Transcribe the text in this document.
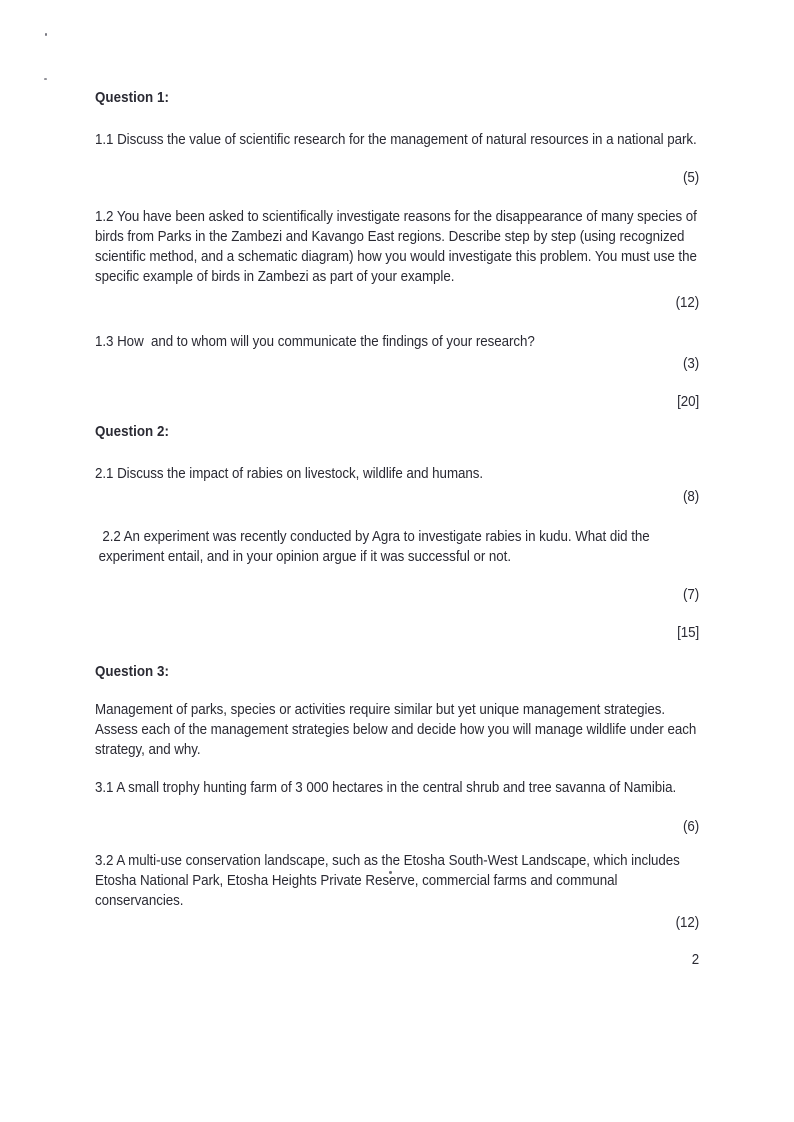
Question 1:

1.1 Discuss the value of scientific research for the management of natural resources in a national park.

(5)

1.2 You have been asked to scientifically investigate reasons for the disappearance of many species of birds from Parks in the Zambezi and Kavango East regions. Describe step by step (using recognized scientific method, and a schematic diagram) how you would investigate this problem. You must use the specific example of birds in Zambezi as part of your example.

(12)

1.3 How  and to whom will you communicate the findings of your research?

(3)

[20]

Question 2:

2.1 Discuss the impact of rabies on livestock, wildlife and humans.

(8)

2.2 An experiment was recently conducted by Agra to investigate rabies in kudu. What did the experiment entail, and in your opinion argue if it was successful or not.

(7)

[15]

Question 3:

Management of parks, species or activities require similar but yet unique management strategies. Assess each of the management strategies below and decide how you will manage wildlife under each strategy, and why.

3.1 A small trophy hunting farm of 3 000 hectares in the central shrub and tree savanna of Namibia.

(6)

3.2 A multi-use conservation landscape, such as the Etosha South-West Landscape, which includes Etosha National Park, Etosha Heights Private Reserve, commercial farms and communal conservancies.

(12)

2
